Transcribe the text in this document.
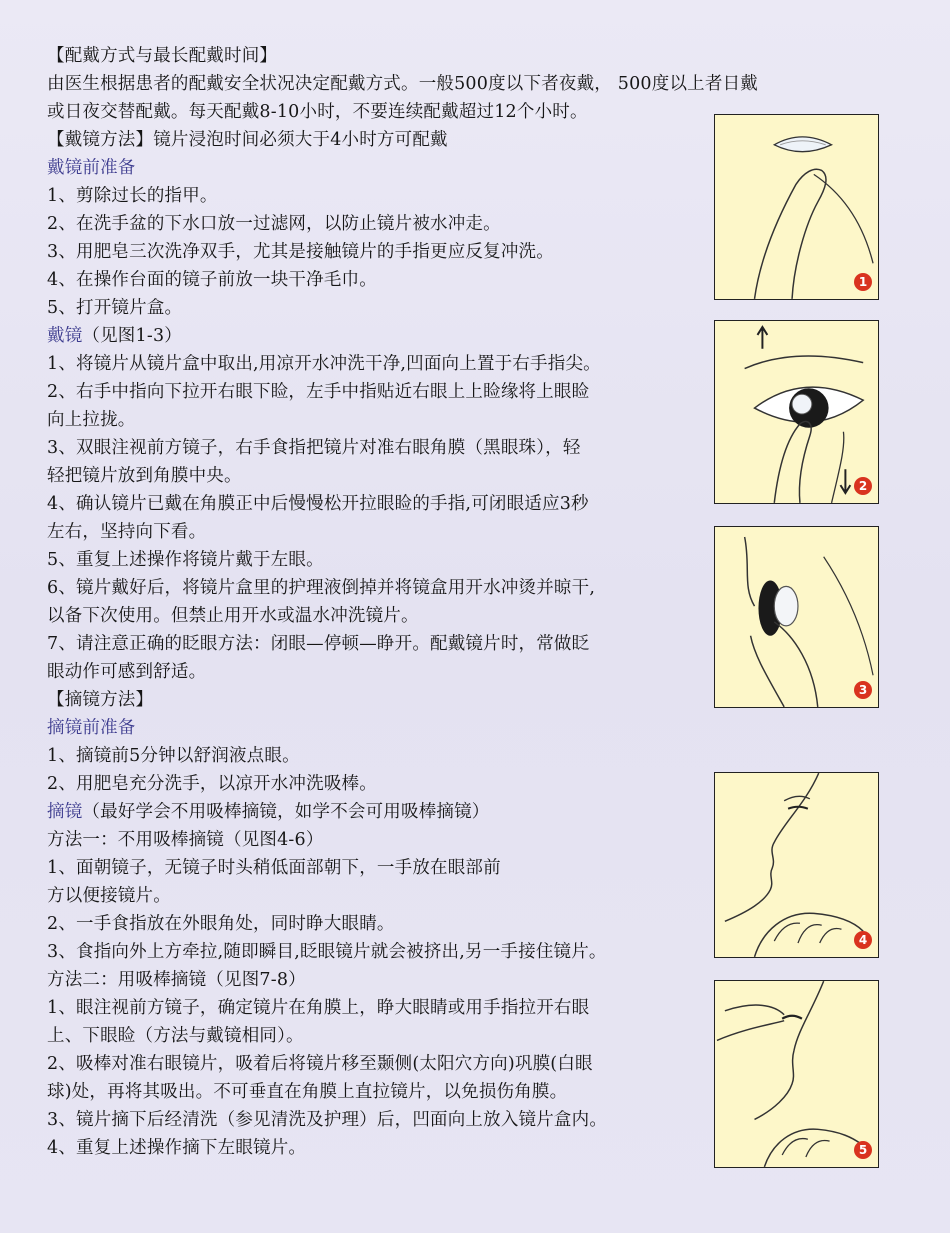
【配戴方式与最长配戴时间】
由医生根据患者的配戴安全状况决定配戴方式。一般500度以下者夜戴， 500度以上者日戴
或日夜交替配戴。每天配戴8-10小时，不要连续配戴超过12个小时。
【戴镜方法】镜片浸泡时间必须大于4小时方可配戴
戴镜前准备
1、剪除过长的指甲。
2、在洗手盆的下水口放一过滤网，以防止镜片被水冲走。
3、用肥皂三次洗净双手，尤其是接触镜片的手指更应反复冲洗。
4、在操作台面的镜子前放一块干净毛巾。
5、打开镜片盒。
戴镜（见图1-3）
1、将镜片从镜片盒中取出,用凉开水冲洗干净,凹面向上置于右手指尖。
2、右手中指向下拉开右眼下睑，左手中指贴近右眼上上睑缘将上眼睑
向上拉拢。
3、双眼注视前方镜子，右手食指把镜片对准右眼角膜（黑眼珠），轻
轻把镜片放到角膜中央。
4、确认镜片已戴在角膜正中后慢慢松开拉眼睑的手指,可闭眼适应3秒
左右，坚持向下看。
5、重复上述操作将镜片戴于左眼。
6、镜片戴好后，将镜片盒里的护理液倒掉并将镜盒用开水冲烫并晾干,
以备下次使用。但禁止用开水或温水冲洗镜片。
7、请注意正确的眨眼方法：闭眼—停顿—睁开。配戴镜片时，常做眨
眼动作可感到舒适。
【摘镜方法】
摘镜前准备
1、摘镜前5分钟以舒润液点眼。
2、用肥皂充分洗手，以凉开水冲洗吸棒。
摘镜（最好学会不用吸棒摘镜，如学不会可用吸棒摘镜）
方法一：不用吸棒摘镜（见图4-6）
1、面朝镜子，无镜子时头稍低面部朝下，一手放在眼部前
方以便接镜片。
2、一手食指放在外眼角处，同时睁大眼睛。
3、食指向外上方牵拉,随即瞬目,眨眼镜片就会被挤出,另一手接住镜片。
方法二：用吸棒摘镜（见图7-8）
1、眼注视前方镜子，确定镜片在角膜上，睁大眼睛或用手指拉开右眼
上、下眼睑（方法与戴镜相同）。
2、吸棒对准右眼镜片，吸着后将镜片移至颞侧(太阳穴方向)巩膜(白眼
球)处，再将其吸出。不可垂直在角膜上直拉镜片，以免损伤角膜。
3、镜片摘下后经清洗（参见清洗及护理）后，凹面向上放入镜片盒内。
4、重复上述操作摘下左眼镜片。
1
2
3
4
5
